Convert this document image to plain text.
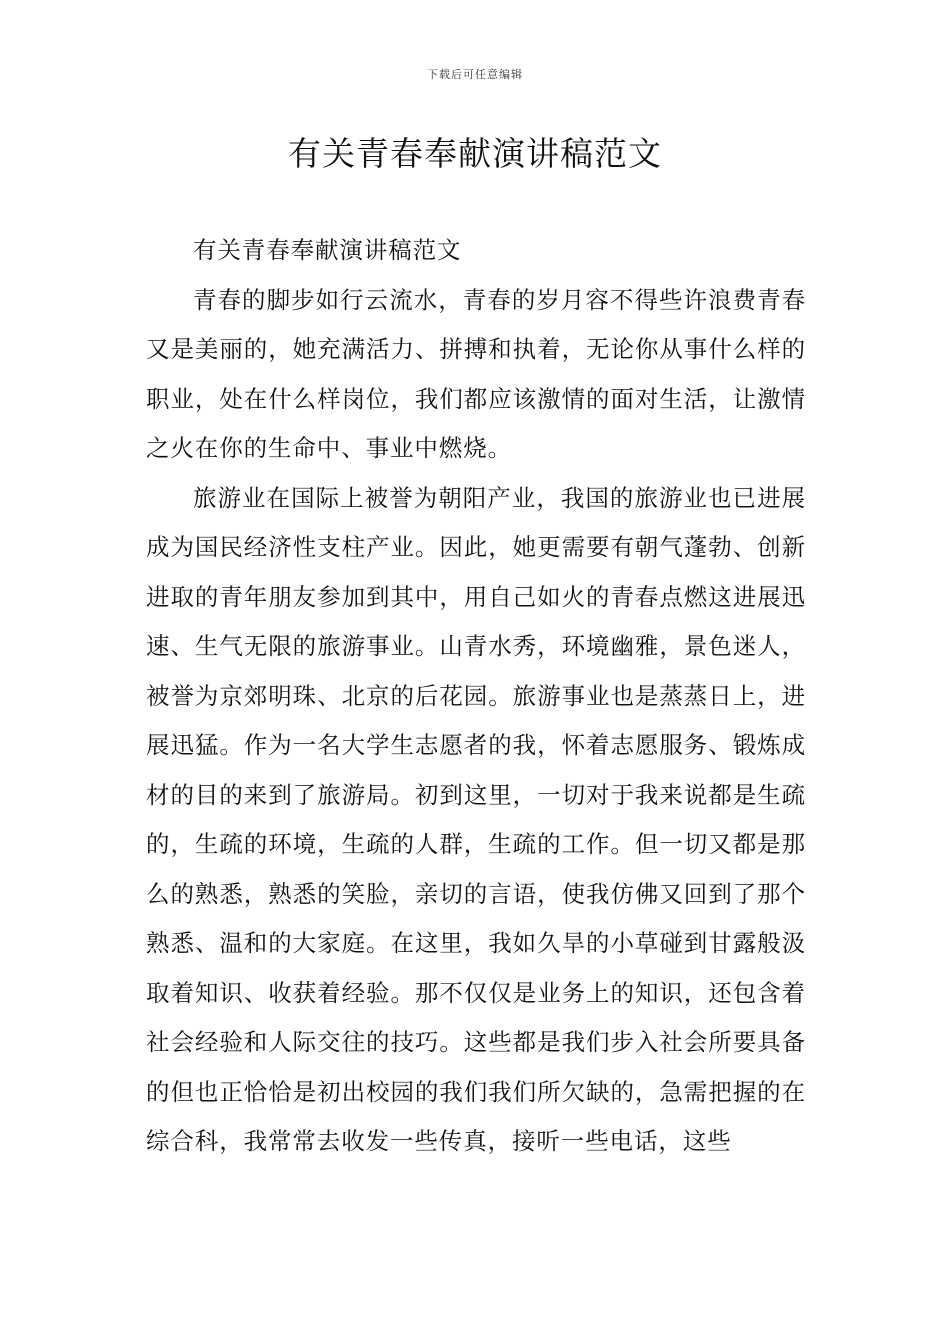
下载后可任意编辑
有关青春奉献演讲稿范文

有关青春奉献演讲稿范文

青春的脚步如行云流水，青春的岁月容不得些许浪费青春又是美丽的，她充满活力、拼搏和执着，无论你从事什么样的职业，处在什么样岗位，我们都应该激情的面对生活，让激情之火在你的生命中、事业中燃烧。

旅游业在国际上被誉为朝阳产业，我国的旅游业也已进展成为国民经济性支柱产业。因此，她更需要有朝气蓬勃、创新进取的青年朋友参加到其中，用自己如火的青春点燃这进展迅速、生气无限的旅游事业。山青水秀，环境幽雅，景色迷人，被誉为京郊明珠、北京的后花园。旅游事业也是蒸蒸日上，进展迅猛。作为一名大学生志愿者的我，怀着志愿服务、锻炼成材的目的来到了旅游局。初到这里，一切对于我来说都是生疏的，生疏的环境，生疏的人群，生疏的工作。但一切又都是那么的熟悉，熟悉的笑脸，亲切的言语，使我仿佛又回到了那个熟悉、温和的大家庭。在这里，我如久旱的小草碰到甘露般汲取着知识、收获着经验。那不仅仅是业务上的知识，还包含着社会经验和人际交往的技巧。这些都是我们步入社会所要具备的但也正恰恰是初出校园的我们我们所欠缺的，急需把握的在综合科，我常常去收发一些传真，接听一些电话，这些
